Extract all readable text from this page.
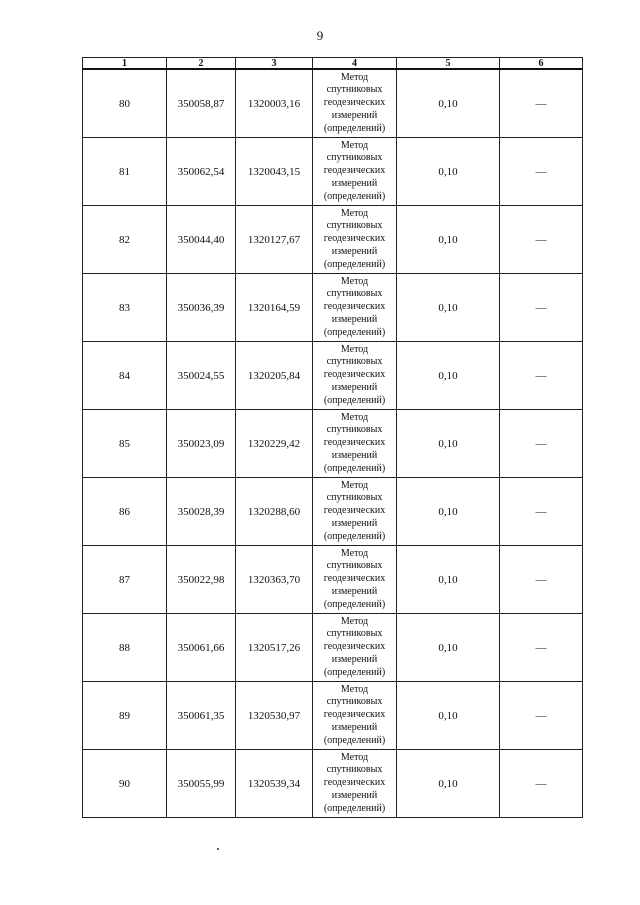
9
1	2	3	4	5	6
80	350058,87	1320003,16	Метод
спутниковых
геодезических
измерений
(определений)	0,10	—
81	350062,54	1320043,15	Метод
спутниковых
геодезических
измерений
(определений)	0,10	—
82	350044,40	1320127,67	Метод
спутниковых
геодезических
измерений
(определений)	0,10	—
83	350036,39	1320164,59	Метод
спутниковых
геодезических
измерений
(определений)	0,10	—
84	350024,55	1320205,84	Метод
спутниковых
геодезических
измерений
(определений)	0,10	—
85	350023,09	1320229,42	Метод
спутниковых
геодезических
измерений
(определений)	0,10	—
86	350028,39	1320288,60	Метод
спутниковых
геодезических
измерений
(определений)	0,10	—
87	350022,98	1320363,70	Метод
спутниковых
геодезических
измерений
(определений)	0,10	—
88	350061,66	1320517,26	Метод
спутниковых
геодезических
измерений
(определений)	0,10	—
89	350061,35	1320530,97	Метод
спутниковых
геодезических
измерений
(определений)	0,10	—
90	350055,99	1320539,34	Метод
спутниковых
геодезических
измерений
(определений)	0,10	—
